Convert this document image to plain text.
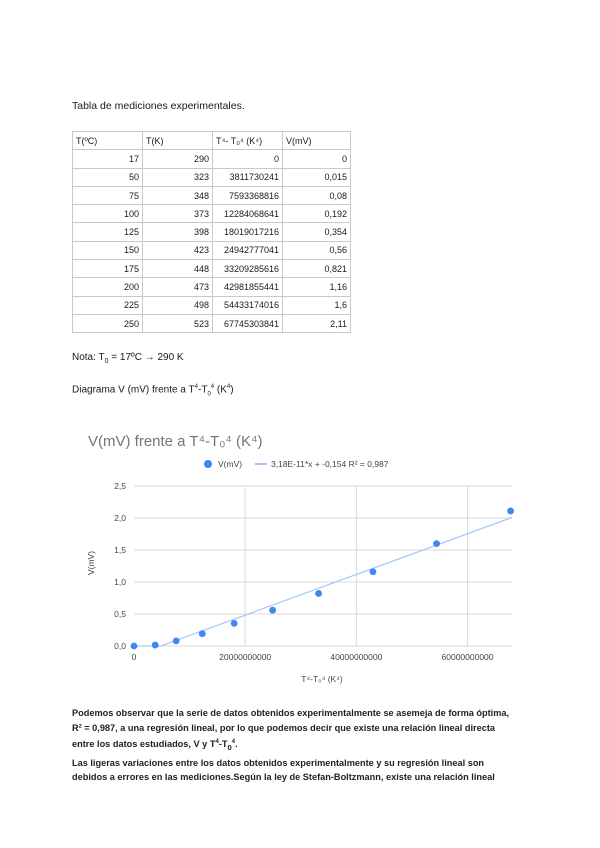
Tabla de mediciones experimentales.
T(ºC)	T(K)	T⁴- T₀⁴ (K⁴)	V(mV)
17	290	0	0
50	323	3811730241	0,015
75	348	7593368816	0,08
100	373	12284068641	0,192
125	398	18019017216	0,354
150	423	24942777041	0,56
175	448	33209285616	0,821
200	473	42981855441	1,16
225	498	54433174016	1,6
250	523	67745303841	2,11
Nota: $T_0$ = 17ºC → 290 K
Diagrama V (mV) frente a $T^4-T_0^4$ $(K^4)$
V(mV) frente a T⁴-T₀⁴ (K⁴)
V(mV)	3,18E-11*x + -0,154 R² = 0,987
0,0
0,5
1,0
1,5
2,0
2,5
0	20000000000	40000000000	60000000000
V(mV)
T⁴-T₀⁴ (K⁴)
Podemos observar que la serie de datos obtenidos experimentalmente se asemeja de forma óptima,
R² = 0,987, a una regresión lineal, por lo que podemos decir que existe una relación lineal directa
entre los datos estudiados, V y $T^4-T_0^4$.
Las ligeras variaciones entre los datos obtenidos experimentalmente y su regresión lineal son
debidos a errores en las mediciones.Según la ley de Stefan-Boltzmann, existe una relación lineal
